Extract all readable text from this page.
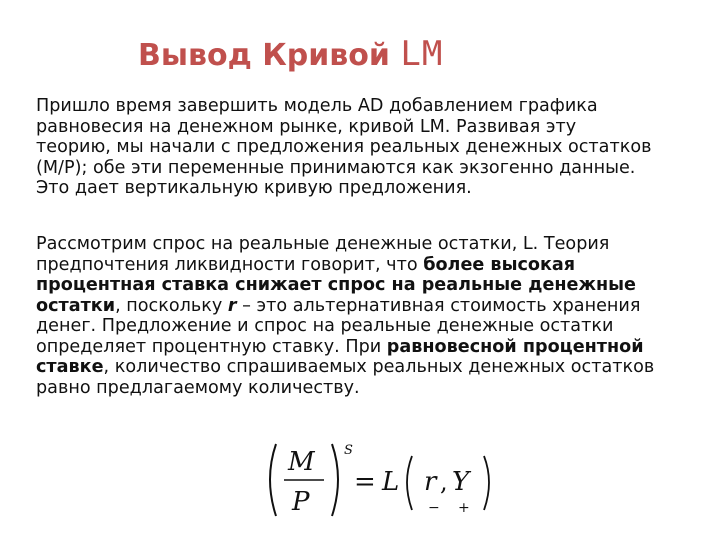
Вывод Кривой LM
Пришло время завершить модель AD добавлением графика
равновесия на денежном рынке, кривой LM. Развивая эту
теорию, мы начали с предложения реальных денежных остатков
(M/P); обе эти переменные принимаются как экзогенно данные.
Это дает вертикальную кривую предложения.
Рассмотрим спрос на реальные денежные остатки, L. Теория
предпочтения ликвидности говорит, что более высокая
процентная ставка снижает спрос на реальные денежные
остатки, поскольку r – это альтернативная стоимость хранения
денег. Предложение и спрос на реальные денежные остатки
определяет процентную ставку. При равновесной процентной
ставке, количество спрашиваемых реальных денежных остатков
равно предлагаемому количеству.
M
P
S
= L r , Y
− +
